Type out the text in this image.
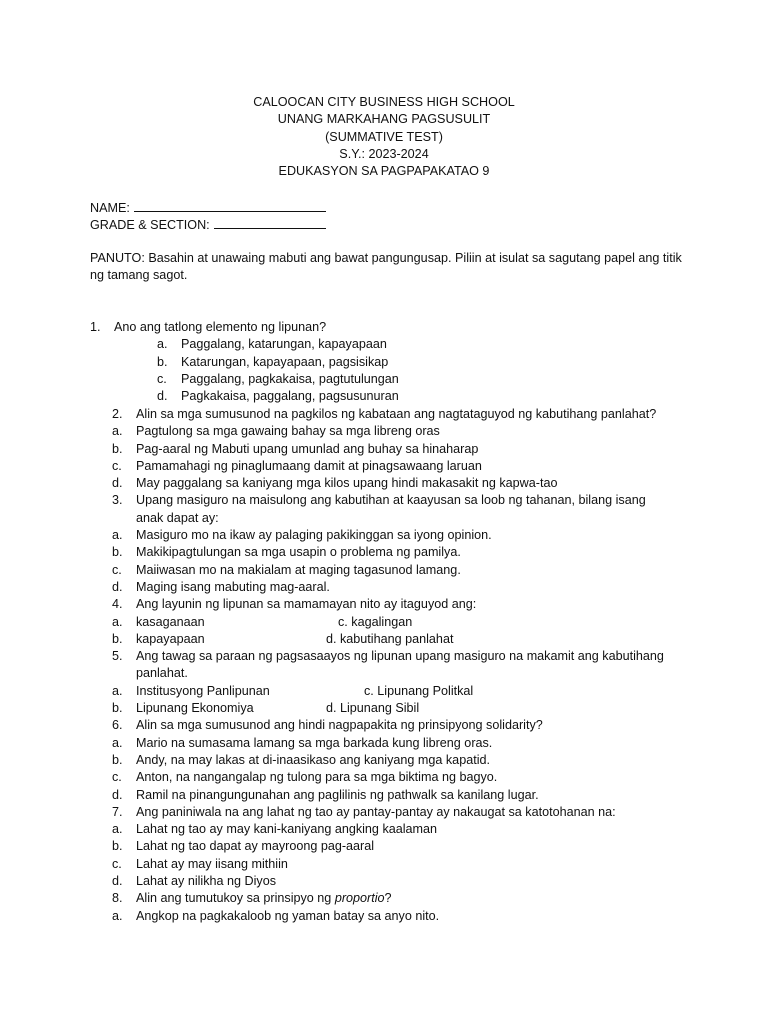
CALOOCAN CITY BUSINESS HIGH SCHOOL
UNANG MARKAHANG PAGSUSULIT
(SUMMATIVE TEST)
S.Y.: 2023-2024
EDUKASYON SA PAGPAPAKATAO 9
NAME:
GRADE & SECTION:
PANUTO: Basahin at unawaing mabuti ang bawat pangungusap. Piliin at isulat sa sagutang papel ang titik ng tamang sagot.
1. Ano ang tatlong elemento ng lipunan?
a. Paggalang, katarungan, kapayapaan
b. Katarungan, kapayapaan, pagsisikap
c. Paggalang, pagkakaisa, pagtutulungan
d. Pagkakaisa, paggalang, pagsusunuran
2. Alin sa mga sumusunod na pagkilos ng kabataan ang nagtataguyod ng kabutihang panlahat?
a. Pagtulong sa mga gawaing bahay sa mga libreng oras
b. Pag-aaral ng Mabuti upang umunlad ang buhay sa hinaharap
c. Pamamahagi ng pinaglumaang damit at pinagsawaang laruan
d. May paggalang sa kaniyang mga kilos upang hindi makasakit ng kapwa-tao
3. Upang masiguro na maisulong ang kabutihan at kaayusan sa loob ng tahanan, bilang isang anak dapat ay:
a. Masiguro mo na ikaw ay palaging pakikinggan sa iyong opinion.
b. Makikipagtulungan sa mga usapin o problema ng pamilya.
c. Maiiwasan mo na makialam at maging tagasunod lamang.
d. Maging isang mabuting mag-aaral.
4. Ang layunin ng lipunan sa mamamayan nito ay itaguyod ang:
a. kasaganaan	c. kagalingan
b. kapayapaan	d. kabutihang panlahat
5. Ang tawag sa paraan ng pagsasaayos ng lipunan upang masiguro na makamit ang kabutihang panlahat.
a. Institusyong Panlipunan	c. Lipunang Politkal
b. Lipunang Ekonomiya	d. Lipunang Sibil
6. Alin sa mga sumusunod ang hindi nagpapakita ng prinsipyong solidarity?
a. Mario na sumasama lamang sa mga barkada kung libreng oras.
b. Andy, na may lakas at di-inaasikaso ang kaniyang mga kapatid.
c. Anton, na nangangalap ng tulong para sa mga biktima ng bagyo.
d. Ramil na pinangungunahan ang paglilinis ng pathwalk sa kanilang lugar.
7. Ang paniniwala na ang lahat ng tao ay pantay-pantay ay nakaugat sa katotohanan na:
a. Lahat ng tao ay may kani-kaniyang angking kaalaman
b. Lahat ng tao dapat ay mayroong pag-aaral
c. Lahat ay may iisang mithiin
d. Lahat ay nilikha ng Diyos
8. Alin ang tumutukoy sa prinsipyo ng proportio?
a. Angkop na pagkakaloob ng yaman batay sa anyo nito.
